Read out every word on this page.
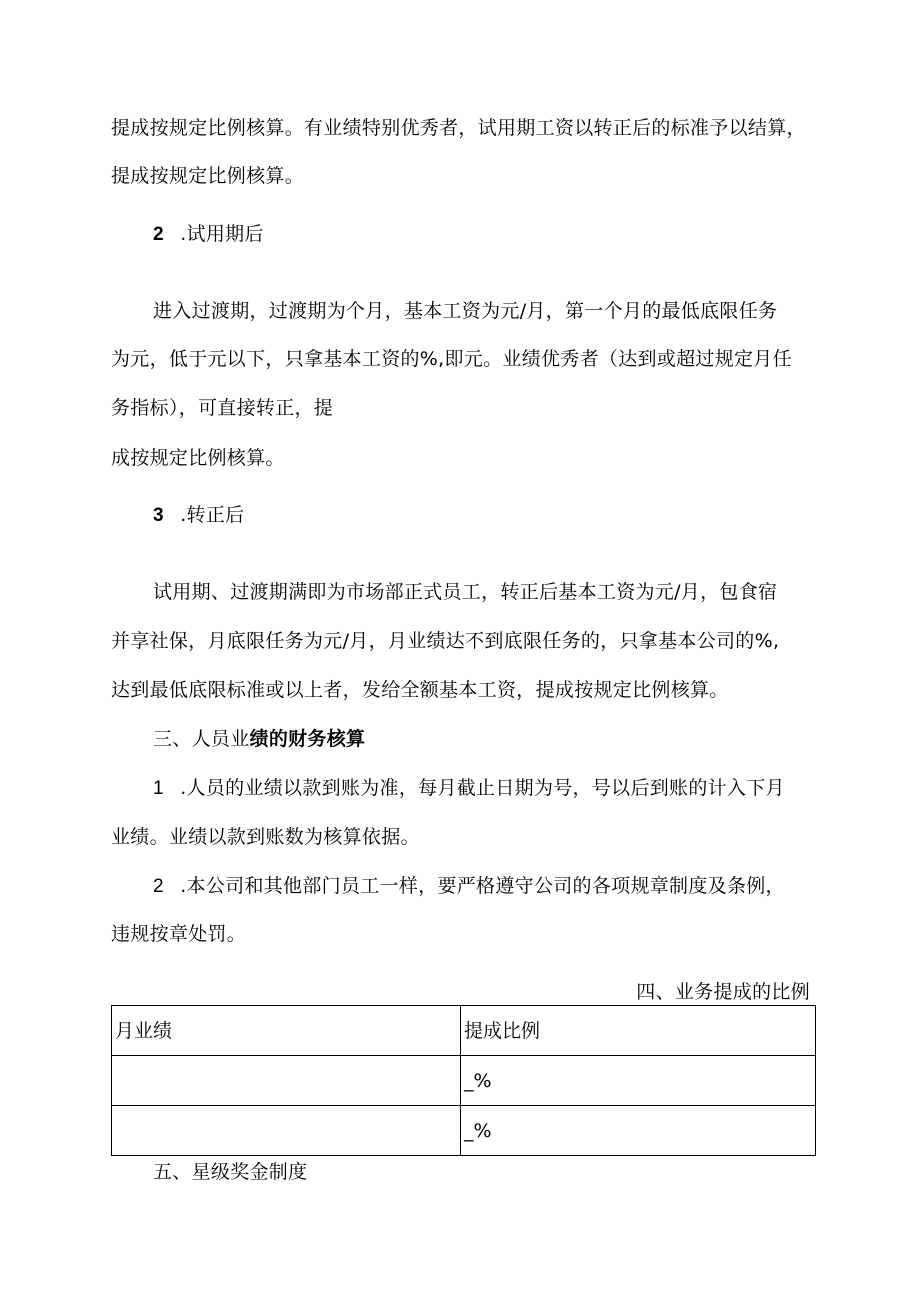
提成按规定比例核算。有业绩特别优秀者，试用期工资以转正后的标准予以结算，
提成按规定比例核算。
2 .试用期后
进入过渡期，过渡期为个月，基本工资为元/月，第一个月的最低底限任务
为元，低于元以下，只拿基本工资的%,即元。业绩优秀者（达到或超过规定月任
务指标），可直接转正，提
成按规定比例核算。
3 .转正后
试用期、过渡期满即为市场部正式员工，转正后基本工资为元/月，包食宿
并享社保，月底限任务为元/月，月业绩达不到底限任务的，只拿基本公司的%,
达到最低底限标准或以上者，发给全额基本工资，提成按规定比例核算。
三、人员业绩的财务核算
1 .人员的业绩以款到账为准，每月截止日期为号，号以后到账的计入下月
业绩。业绩以款到账数为核算依据。
2 .本公司和其他部门员工一样，要严格遵守公司的各项规章制度及条例，
违规按章处罚。
四、业务提成的比例
月业绩	提成比例
	_%
	_%
五、星级奖金制度
